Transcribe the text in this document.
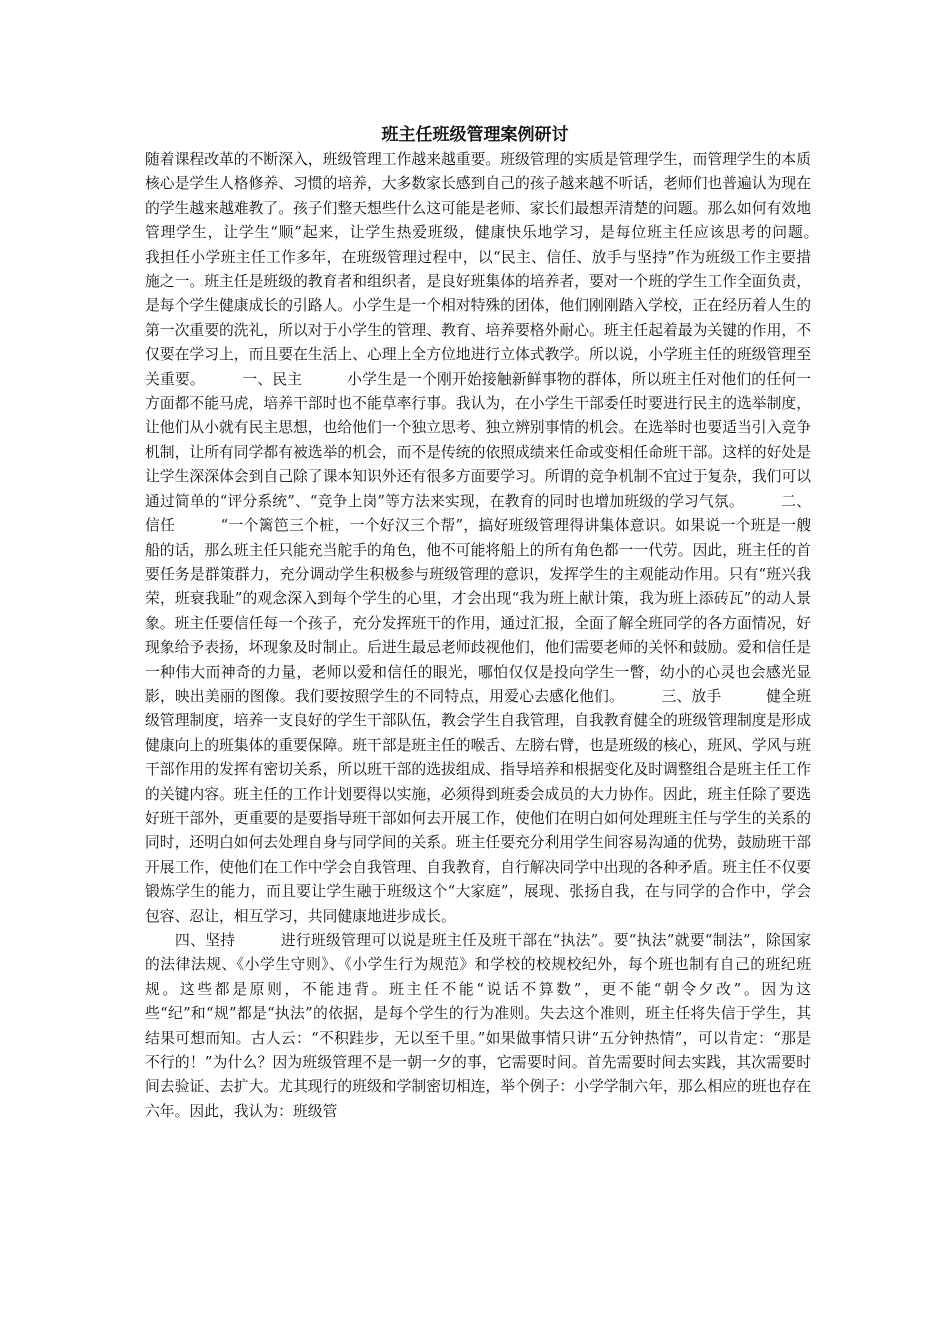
班主任班级管理案例研讨

随着课程改革的不断深入，班级管理工作越来越重要。班级管理的实质是管理学生，而管理学生的本质核心是学生人格修养、习惯的培养，大多数家长感到自己的孩子越来越不听话，老师们也普遍认为现在的学生越来越难教了。孩子们整天想些什么这可能是老师、家长们最想弄清楚的问题。那么如何有效地管理学生，让学生“顺”起来，让学生热爱班级，健康快乐地学习，是每位班主任应该思考的问题。　　　我担任小学班主任工作多年，在班级管理过程中，以“民主、信任、放手与坚持”作为班级工作主要措施之一。班主任是班级的教育者和组织者，是良好班集体的培养者，要对一个班的学生工作全面负责，是每个学生健康成长的引路人。小学生是一个相对特殊的团体，他们刚刚踏入学校，正在经历着人生的第一次重要的洗礼，所以对于小学生的管理、教育、培养要格外耐心。班主任起着最为关键的作用，不仅要在学习上，而且要在生活上、心理上全方位地进行立体式教学。所以说，小学班主任的班级管理至关重要。　　　一、民主　　　小学生是一个刚开始接触新鲜事物的群体，所以班主任对他们的任何一方面都不能马虎，培养干部时也不能草率行事。我认为，在小学生干部委任时要进行民主的选举制度，让他们从小就有民主思想，也给他们一个独立思考、独立辨别事情的机会。在选举时也要适当引入竞争机制，让所有同学都有被选举的机会，而不是传统的依照成绩来任命或变相任命班干部。这样的好处是让学生深深体会到自己除了课本知识外还有很多方面要学习。所谓的竞争机制不宜过于复杂，我们可以通过简单的“评分系统”、“竞争上岗”等方法来实现，在教育的同时也增加班级的学习气氛。　　　二、信任　　　“一个篱笆三个桩，一个好汉三个帮”，搞好班级管理得讲集体意识。如果说一个班是一艘船的话，那么班主任只能充当舵手的角色，他不可能将船上的所有角色都一一代劳。因此，班主任的首要任务是群策群力，充分调动学生积极参与班级管理的意识，发挥学生的主观能动作用。只有“班兴我荣，班衰我耻”的观念深入到每个学生的心里，才会出现“我为班上献计策，我为班上添砖瓦”的动人景象。班主任要信任每一个孩子，充分发挥班干的作用，通过汇报，全面了解全班同学的各方面情况，好现象给予表扬，坏现象及时制止。后进生最忌老师歧视他们，他们需要老师的关怀和鼓励。爱和信任是一种伟大而神奇的力量，老师以爱和信任的眼光，哪怕仅仅是投向学生一瞥，幼小的心灵也会感光显影，映出美丽的图像。我们要按照学生的不同特点，用爱心去感化他们。　　　三、放手　　　健全班级管理制度，培养一支良好的学生干部队伍，教会学生自我管理，自我教育健全的班级管理制度是形成健康向上的班集体的重要保障。班干部是班主任的喉舌、左膀右臂，也是班级的核心，班风、学风与班干部作用的发挥有密切关系，所以班干部的选拔组成、指导培养和根据变化及时调整组合是班主任工作的关键内容。班主任的工作计划要得以实施，必须得到班委会成员的大力协作。因此，班主任除了要选好班干部外，更重要的是要指导班干部如何去开展工作，使他们在明白如何处理班主任与学生的关系的同时，还明白如何去处理自身与同学间的关系。班主任要充分利用学生间容易沟通的优势，鼓励班干部开展工作，使他们在工作中学会自我管理、自我教育，自行解决同学中出现的各种矛盾。班主任不仅要锻炼学生的能力，而且要让学生融于班级这个“大家庭”，展现、张扬自我，在与同学的合作中，学会包容、忍让，相互学习，共同健康地进步成长。

四、坚持　　　进行班级管理可以说是班主任及班干部在“执法”。要“执法”就要“制法”，除国家的法律法规、《小学生守则》、《小学生行为规范》和学校的校规校纪外，每个班也制有自己的班纪班规。这些都是原则，不能违背。班主任不能“说话不算数”，更不能“朝令夕改”。因为这些“纪”和“规”都是“执法”的依据，是每个学生的行为准则。失去这个准则，班主任将失信于学生，其结果可想而知。古人云：“不积跬步，无以至千里。”如果做事情只讲“五分钟热情”，可以肯定：“那是不行的！”为什么？因为班级管理不是一朝一夕的事，它需要时间。首先需要时间去实践，其次需要时间去验证、去扩大。尤其现行的班级和学制密切相连，举个例子：小学学制六年，那么相应的班也存在六年。因此，我认为：班级管
